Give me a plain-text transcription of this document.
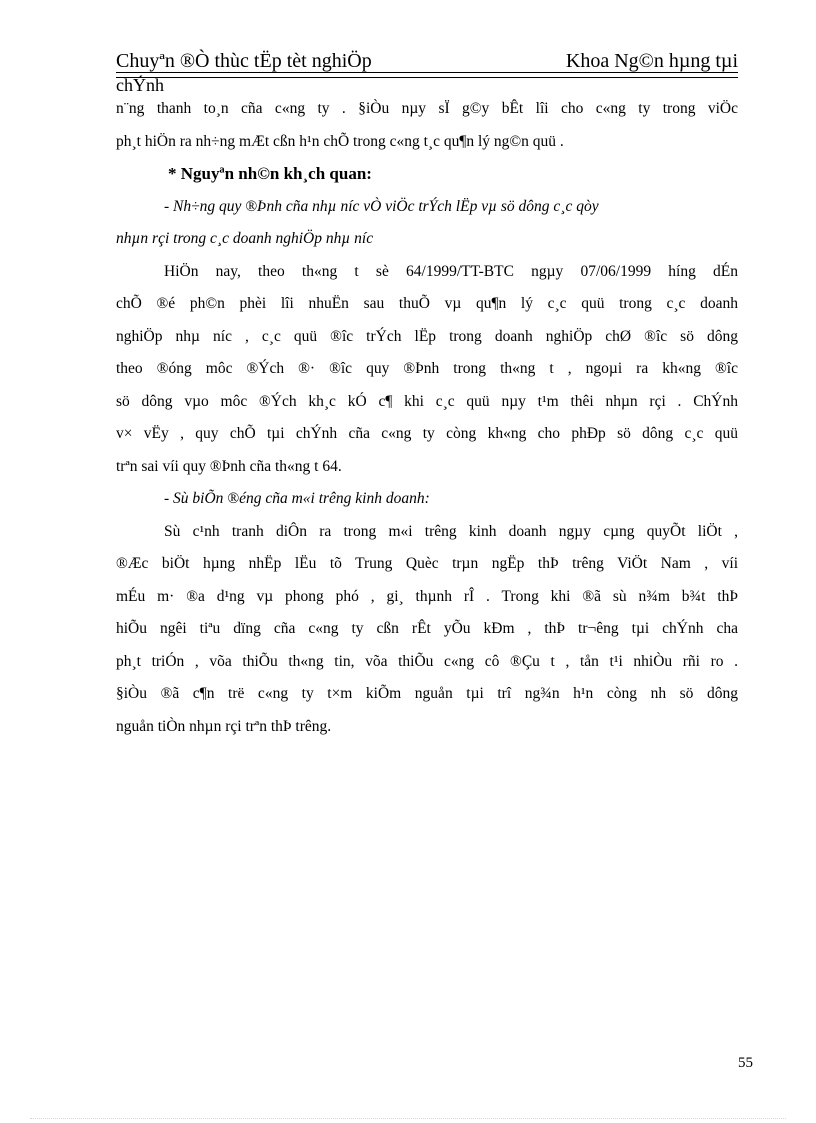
Chuyªn ®Ò thùc tËp tèt nghiÖp	Khoa Ng©n hµng tµi
chÝnh
n¨ng thanh to¸n cña c«ng ty . §iÒu nµy sÏ g©y bÊt lîi cho c«ng ty trong viÖc
ph¸t hiÖn ra nh÷ng mÆt cßn h¹n chÕ trong c«ng t¸c qu¶n lý ng©n quü .
* Nguyªn nh©n kh¸ch quan:
- Nh÷ng quy ®Þnh cña nhµ níc vÒ viÖc trÝch lËp vµ sö dông c¸c qòy
nhµn rçi trong c¸c doanh nghiÖp nhµ níc
HiÖn nay, theo th«ng t sè 64/1999/TT-BTC ngµy 07/06/1999 híng dÉn
chÕ ®é ph©n phèi lîi nhuËn sau thuÕ vµ qu¶n lý c¸c quü trong c¸c doanh
nghiÖp nhµ níc , c¸c quü ®îc trÝch lËp trong doanh nghiÖp chØ ®îc sö dông
theo ®óng môc ®Ých ®· ®îc quy ®Þnh trong th«ng t , ngoµi ra kh«ng ®îc
sö dông vµo môc ®Ých kh¸c kÓ c¶ khi c¸c quü nµy t¹m thêi nhµn rçi . ChÝnh
v× vËy , quy chÕ tµi chÝnh cña c«ng ty còng kh«ng cho phÐp sö dông c¸c quü
trªn sai víi quy ®Þnh cña th«ng t 64.
- Sù biÕn ®éng cña m«i trêng kinh doanh:
Sù c¹nh tranh diÔn ra trong m«i trêng kinh doanh ngµy cµng quyÕt liÖt ,
®Æc biÖt hµng nhËp lËu tõ Trung Quèc trµn ngËp thÞ trêng ViÖt Nam , víi
mÉu m· ®a d¹ng vµ phong phó , gi¸ thµnh rÎ . Trong khi ®ã sù n¾m b¾t thÞ
hiÕu ngêi tiªu dïng cña c«ng ty cßn rÊt yÕu kÐm , thÞ tr¬êng tµi chÝnh cha
ph¸t triÓn , võa thiÕu th«ng tin, võa thiÕu c«ng cô ®Çu t , tån t¹i nhiÒu rñi ro .
§iÒu ®ã c¶n trë c«ng ty t×m kiÕm nguån tµi trî ng¾n h¹n còng nh sö dông
nguån tiÒn nhµn rçi trªn thÞ trêng.
55
